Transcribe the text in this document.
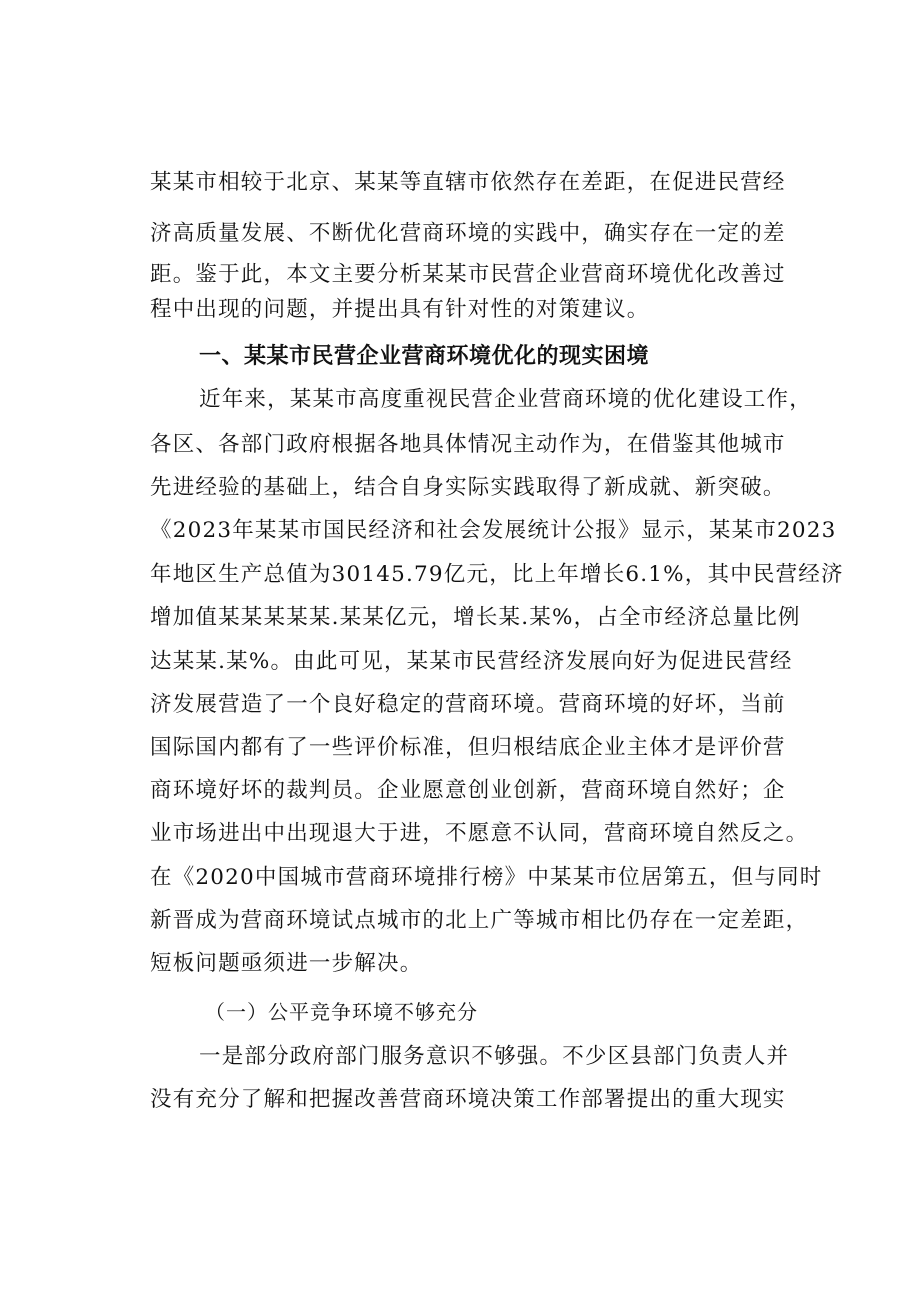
某某市相较于北京、某某等直辖市依然存在差距，在促进民营经
济高质量发展、不断优化营商环境的实践中，确实存在一定的差
距。鉴于此，本文主要分析某某市民营企业营商环境优化改善过
程中出现的问题，并提出具有针对性的对策建议。
一、某某市民营企业营商环境优化的现实困境
近年来，某某市高度重视民营企业营商环境的优化建设工作，
各区、各部门政府根据各地具体情况主动作为，在借鉴其他城市
先进经验的基础上，结合自身实际实践取得了新成就、新突破。
《2023年某某市国民经济和社会发展统计公报》显示，某某市2023
年地区生产总值为30145.79亿元，比上年增长6.1%，其中民营经济
增加值某某某某某.某某亿元，增长某.某%，占全市经济总量比例
达某某.某%。由此可见，某某市民营经济发展向好为促进民营经
济发展营造了一个良好稳定的营商环境。营商环境的好坏，当前
国际国内都有了一些评价标准，但归根结底企业主体才是评价营
商环境好坏的裁判员。企业愿意创业创新，营商环境自然好；企
业市场进出中出现退大于进，不愿意不认同，营商环境自然反之。
在《2020中国城市营商环境排行榜》中某某市位居第五，但与同时
新晋成为营商环境试点城市的北上广等城市相比仍存在一定差距，
短板问题亟须进一步解决。
（一）公平竞争环境不够充分
一是部分政府部门服务意识不够强。不少区县部门负责人并
没有充分了解和把握改善营商环境决策工作部署提出的重大现实
